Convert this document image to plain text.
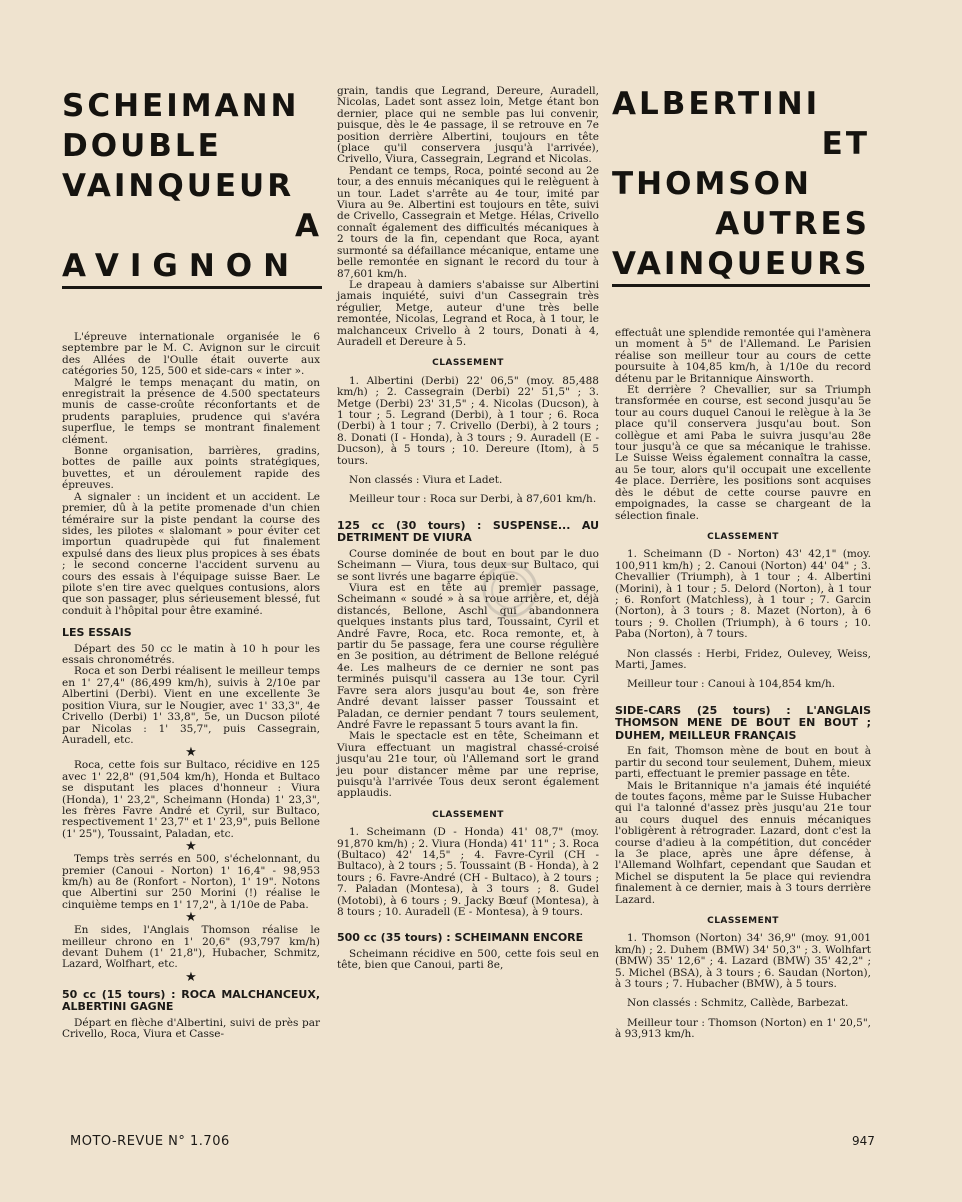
SCHEIMANN
DOUBLE
VAINQUEUR
A
AVIGNON

L'épreuve internationale organisée le 6 septembre par le M. C. Avignon sur le circuit des Allées de l'Oulle était ouverte aux catégories 50, 125, 500 et side-cars « inter ».

Malgré le temps menaçant du matin, on enregistrait la présence de 4.500 spectateurs munis de casse-croûte réconfortants et de prudents parapluies, prudence qui s'avéra superflue, le temps se montrant finalement clément.

Bonne organisation, barrières, gradins, bottes de paille aux points stratégiques, buvettes, et un déroulement rapide des épreuves.

A signaler : un incident et un accident. Le premier, dû à la petite promenade d'un chien téméraire sur la piste pendant la course des sides, les pilotes « slalomant » pour éviter cet importun quadrupède qui fut finalement expulsé dans des lieux plus propices à ses ébats ; le second concerne l'accident survenu au cours des essais à l'équipage suisse Baer. Le pilote s'en tire avec quelques contusions, alors que son passager, plus sérieusement blessé, fut conduit à l'hôpital pour être examiné.

LES ESSAIS

Départ des 50 cc le matin à 10 h pour les essais chronométrés.

Roca et son Derbi réalisent le meilleur temps en 1' 27,4" (86,499 km/h), suivis à 2/10e par Albertini (Derbi). Vient en une excellente 3e position Viura, sur le Nougier, avec 1' 33,3", 4e Crivello (Derbi) 1' 33,8", 5e, un Ducson piloté par Nicolas : 1' 35,7", puis Cassegrain, Auradell, etc.

★

Roca, cette fois sur Bultaco, récidive en 125 avec 1' 22,8" (91,504 km/h), Honda et Bultaco se disputant les places d'honneur : Viura (Honda), 1' 23,2", Scheimann (Honda) 1' 23,3", les frères Favre André et Cyril, sur Bultaco, respectivement 1' 23,7" et 1' 23,9", puis Bellone (1' 25"), Toussaint, Paladan, etc.

★

Temps très serrés en 500, s'échelonnant, du premier (Canoui - Norton) 1' 16,4" - 98,953 km/h) au 8e (Ronfort - Norton), 1' 19". Notons que Albertini sur 250 Morini (!) réalise le cinquième temps en 1' 17,2", à 1/10e de Paba.

★

En sides, l'Anglais Thomson réalise le meilleur chrono en 1' 20,6" (93,797 km/h) devant Duhem (1' 21,8"), Hubacher, Schmitz, Lazard, Wolfhart, etc.

★
50 cc (15 tours) : ROCA MALCHANCEUX, ALBERTINI GAGNE

Départ en flèche d'Albertini, suivi de près par Crivello, Roca, Viura et Casse-

grain, tandis que Legrand, Dereure, Auradell, Nicolas, Ladet sont assez loin, Metge étant bon dernier, place qui ne semble pas lui convenir, puisque, dès le 4e passage, il se retrouve en 7e position derrière Albertini, toujours en tête (place qu'il conservera jusqu'à l'arrivée), Crivello, Viura, Cassegrain, Legrand et Nicolas.

Pendant ce temps, Roca, pointé second au 2e tour, a des ennuis mécaniques qui le relèguent à un tour. Ladet s'arrête au 4e tour, imité par Viura au 9e. Albertini est toujours en tête, suivi de Crivello, Cassegrain et Metge. Hélas, Crivello connaît également des difficultés mécaniques à 2 tours de la fin, cependant que Roca, ayant surmonté sa défaillance mécanique, entame une belle remontée en signant le record du tour à 87,601 km/h.

Le drapeau à damiers s'abaisse sur Albertini jamais inquiété, suivi d'un Cassegrain très régulier, Metge, auteur d'une très belle remontée, Nicolas, Legrand et Roca, à 1 tour, le malchanceux Crivello à 2 tours, Donati à 4, Auradell et Dereure à 5.

CLASSEMENT

1. Albertini (Derbi) 22' 06,5" (moy. 85,488 km/h) ; 2. Cassegrain (Derbi) 22' 51,5" ; 3. Metge (Derbi) 23' 31,5" ; 4. Nicolas (Ducson), à 1 tour ; 5. Legrand (Derbi), à 1 tour ; 6. Roca (Derbi) à 1 tour ; 7. Crivello (Derbi), à 2 tours ; 8. Donati (I - Honda), à 3 tours ; 9. Auradell (E - Ducson), à 5 tours ; 10. Dereure (Itom), à 5 tours.

Non classés : Viura et Ladet.

Meilleur tour : Roca sur Derbi, à 87,601 km/h.

125 cc (30 tours) : SUSPENSE... AU DETRIMENT DE VIURA

Course dominée de bout en bout par le duo Scheimann — Viura, tous deux sur Bultaco, qui se sont livrés une bagarre épique.

Viura est en tête au premier passage, Scheimann « soudé » à sa roue arrière, et, déjà distancés, Bellone, Aschl qui abandonnera quelques instants plus tard, Toussaint, Cyril et André Favre, Roca, etc. Roca remonte, et, à partir du 5e passage, fera une course régulière en 3e position, au détriment de Bellone relégué 4e. Les malheurs de ce dernier ne sont pas terminés puisqu'il cassera au 13e tour. Cyril Favre sera alors jusqu'au bout 4e, son frère André devant laisser passer Toussaint et Paladan, ce dernier pendant 7 tours seulement, André Favre le repassant 5 tours avant la fin.

Mais le spectacle est en tête, Scheimann et Viura effectuant un magistral chassé-croisé jusqu'au 21e tour, où l'Allemand sort le grand jeu pour distancer même par une reprise, puisqu'à l'arrivée Tous deux seront également applaudis.

CLASSEMENT

1. Scheimann (D - Honda) 41' 08,7" (moy. 91,870 km/h) ; 2. Viura (Honda) 41' 11" ; 3. Roca (Bultaco) 42' 14,5" ; 4. Favre-Cyril (CH - Bultaco), à 2 tours ; 5. Toussaint (B - Honda), à 2 tours ; 6. Favre-André (CH - Bultaco), à 2 tours ; 7. Paladan (Montesa), à 3 tours ; 8. Gudel (Motobi), à 6 tours ; 9. Jacky Bœuf (Montesa), à 8 tours ; 10. Auradell (E - Montesa), à 9 tours.

500 cc (35 tours) : SCHEIMANN ENCORE

Scheimann récidive en 500, cette fois seul en tête, bien que Canoui, parti 8e,

ALBERTINI
ET
THOMSON
AUTRES
VAINQUEURS

effectuât une splendide remontée qui l'amènera un moment à 5" de l'Allemand. Le Parisien réalise son meilleur tour au cours de cette poursuite à 104,85 km/h, à 1/10e du record détenu par le Britannique Ainsworth.

Et derrière ? Chevallier, sur sa Triumph transformée en course, est second jusqu'au 5e tour au cours duquel Canoui le relègue à la 3e place qu'il conservera jusqu'au bout. Son collègue et ami Paba le suivra jusqu'au 28e tour jusqu'à ce que sa mécanique le trahisse. Le Suisse Weiss également connaîtra la casse, au 5e tour, alors qu'il occupait une excellente 4e place. Derrière, les positions sont acquises dès le début de cette course pauvre en empoignades, la casse se chargeant de la sélection finale.

CLASSEMENT

1. Scheimann (D - Norton) 43' 42,1" (moy. 100,911 km/h) ; 2. Canoui (Norton) 44' 04" ; 3. Chevallier (Triumph), à 1 tour ; 4. Albertini (Morini), à 1 tour ; 5. Delord (Norton), à 1 tour ; 6. Ronfort (Matchless), à 1 tour ; 7. Garcin (Norton), à 3 tours ; 8. Mazet (Norton), à 6 tours ; 9. Chollen (Triumph), à 6 tours ; 10. Paba (Norton), à 7 tours.

Non classés : Herbi, Fridez, Oulevey, Weiss, Marti, James.

Meilleur tour : Canoui à 104,854 km/h.

SIDE-CARS (25 tours) : L'ANGLAIS THOMSON MENE DE BOUT EN BOUT ; DUHEM, MEILLEUR FRANÇAIS

En fait, Thomson mène de bout en bout à partir du second tour seulement, Duhem, mieux parti, effectuant le premier passage en tête.

Mais le Britannique n'a jamais été inquiété de toutes façons, même par le Suisse Hubacher qui l'a talonné d'assez près jusqu'au 21e tour au cours duquel des ennuis mécaniques l'obligèrent à rétrograder. Lazard, dont c'est la course d'adieu à la compétition, dut concéder la 3e place, après une âpre défense, à l'Allemand Wolhfart, cependant que Saudan et Michel se disputent la 5e place qui reviendra finalement à ce dernier, mais à 3 tours derrière Lazard.

CLASSEMENT

1. Thomson (Norton) 34' 36,9" (moy. 91,001 km/h) ; 2. Duhem (BMW) 34' 50,3" ; 3. Wolhfart (BMW) 35' 12,6" ; 4. Lazard (BMW) 35' 42,2" ; 5. Michel (BSA), à 3 tours ; 6. Saudan (Norton), à 3 tours ; 7. Hubacher (BMW), à 5 tours.

Non classés : Schmitz, Callède, Barbezat.

Meilleur tour : Thomson (Norton) en 1' 20,5", à 93,913 km/h.

MOTO-REVUE N° 1.706	947
